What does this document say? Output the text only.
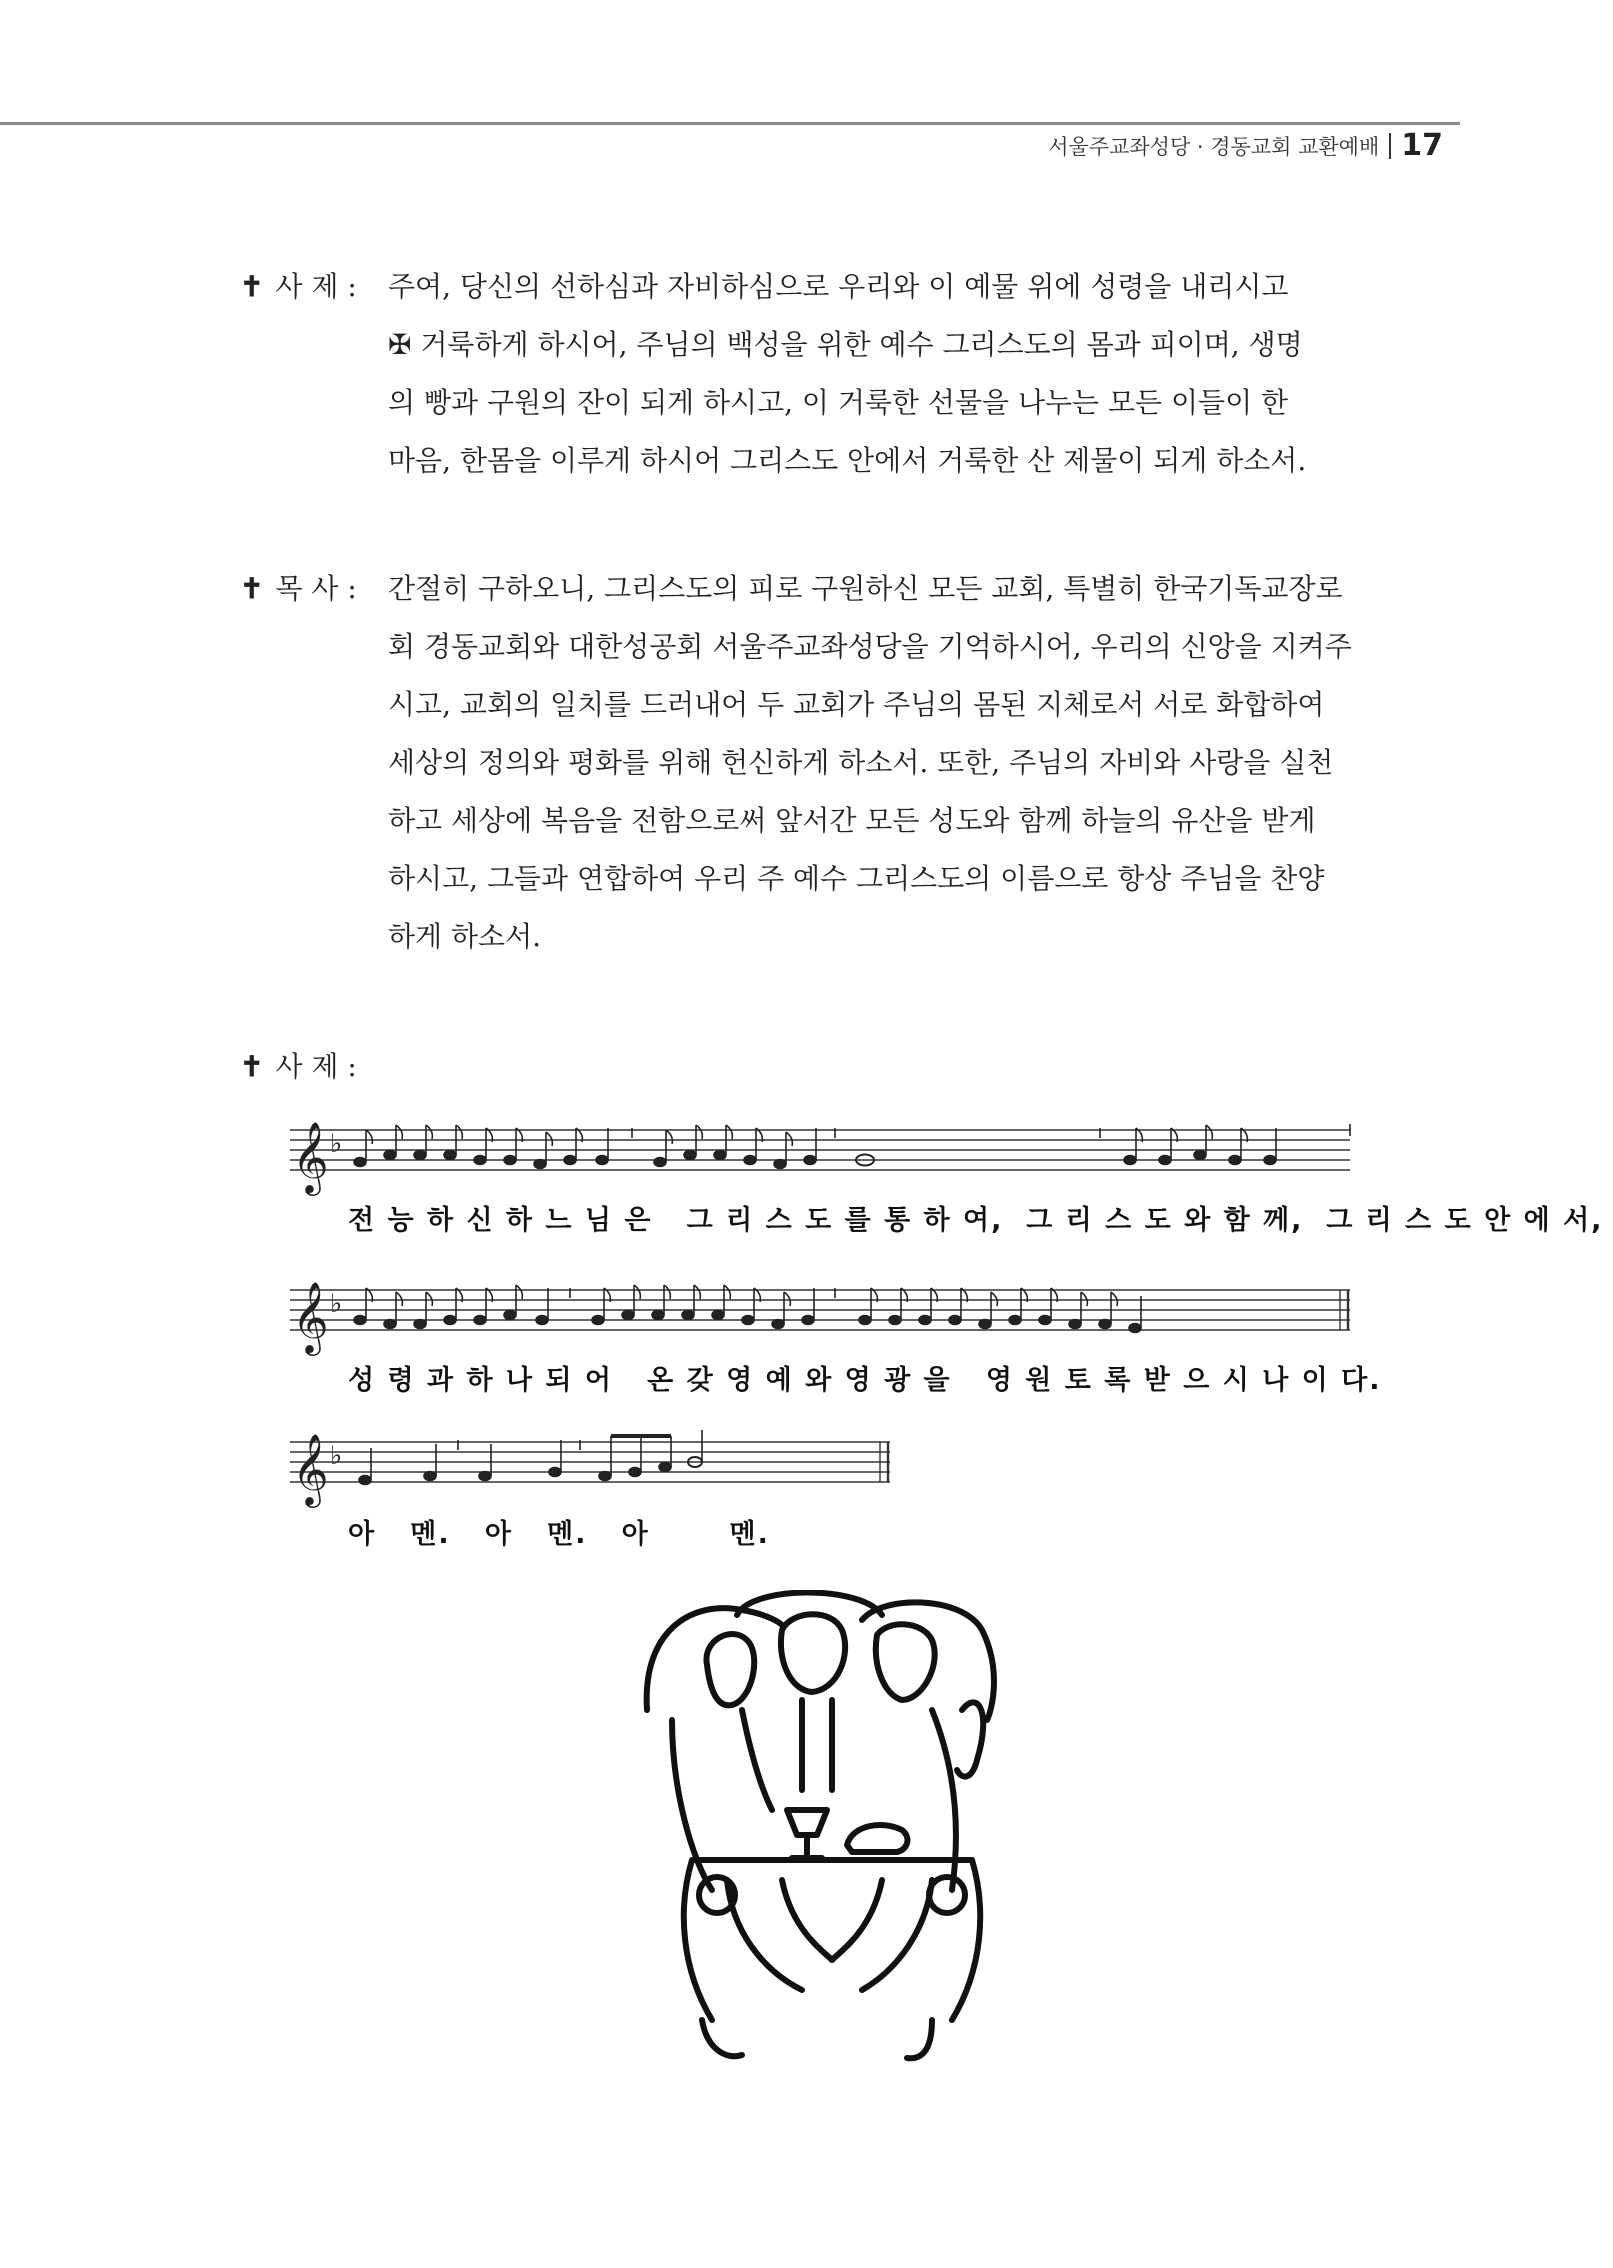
서울주교좌성당 · 경동교회 교환예배 17
✝ 사 제 :	주여, 당신의 선하심과 자비하심으로 우리와 이 예물 위에 성령을 내리시고
✠ 거룩하게 하시어, 주님의 백성을 위한 예수 그리스도의 몸과 피이며, 생명
의 빵과 구원의 잔이 되게 하시고, 이 거룩한 선물을 나누는 모든 이들이 한
마음, 한몸을 이루게 하시어 그리스도 안에서 거룩한 산 제물이 되게 하소서.
✝ 목 사 :	간절히 구하오니, 그리스도의 피로 구원하신 모든 교회, 특별히 한국기독교장로
회 경동교회와 대한성공회 서울주교좌성당을 기억하시어, 우리의 신앙을 지켜주
시고, 교회의 일치를 드러내어 두 교회가 주님의 몸된 지체로서 서로 화합하여
세상의 정의와 평화를 위해 헌신하게 하소서. 또한, 주님의 자비와 사랑을 실천
하고 세상에 복음을 전함으로써 앞서간 모든 성도와 함께 하늘의 유산을 받게
하시고, 그들과 연합하여 우리 주 예수 그리스도의 이름으로 항상 주님을 찬양
하게 하소서.
✝ 사 제 :
𝄞 ♭
전 능 하 신 하 느 님 은   그 리 스 도 를 통 하 여,  그 리 스 도 와 함 께,  그 리 스 도 안 에 서,
𝄞 ♭
성 령 과 하 나 되 어   온 갖 영 예 와 영 광 을   영 원 토 록 받 으 시 나 이 다.
𝄞 ♭
아   멘.   아   멘.   아       멘.
